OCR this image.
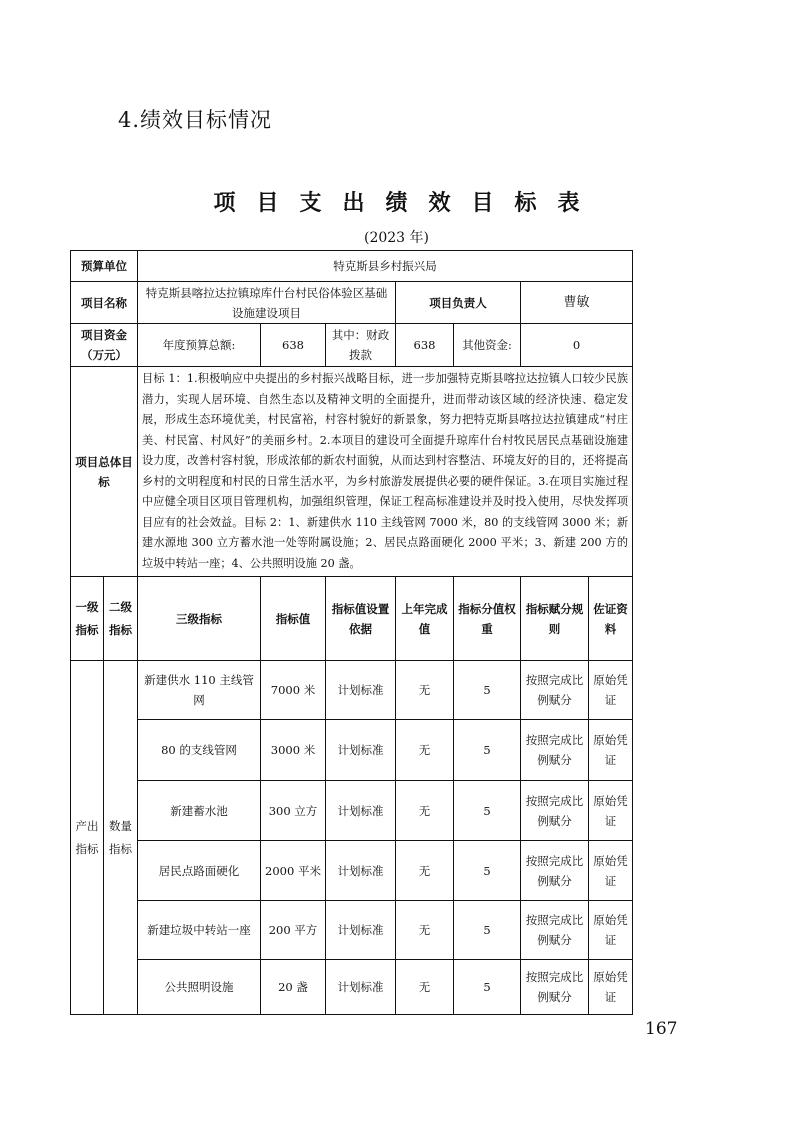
4.绩效目标情况
项目支出绩效目标表
(2023 年)
预算单位		特克斯县乡村振兴局						
项目名称		特克斯县喀拉达拉镇琼库什台村民俗体验区基础设施建设项目			项目负责人		曹敏	
项目资金（万元）		年度预算总额:	638	其中：财政拨款	638	其他资金:	0	
项目总体目标		目标 1：1.积极响应中央提出的乡村振兴战略目标，进一步加强特克斯县喀拉达拉镇人口较少民族潜力，实现人居环境、自然生态以及精神文明的全面提升，进而带动该区域的经济快速、稳定发展，形成生态环境优美，村民富裕，村容村貌好的新景象，努力把特克斯县喀拉达拉镇建成“村庄美、村民富、村风好”的美丽乡村。2.本项目的建设可全面提升琼库什台村牧民居民点基础设施建设力度，改善村容村貌，形成浓郁的新农村面貌，从而达到村容整洁、环境友好的目的，还将提高乡村的文明程度和村民的日常生活水平，为乡村旅游发展提供必要的硬件保证。3.在项目实施过程中应健全项目区项目管理机构，加强组织管理，保证工程高标准建设并及时投入使用，尽快发挥项目应有的社会效益。目标 2：1、新建供水 110 主线管网 7000 米，80 的支线管网 3000 米；新建水源地 300 立方蓄水池一处等附属设施；2、居民点路面硬化 2000 平米；3、新建 200 方的垃圾中转站一座；4、公共照明设施 20 盏。						
一级指标	二级指标	三级指标	指标值	指标值设置依据	上年完成值	指标分值权重	指标赋分规则	佐证资料
产出指标	数量指标	新建供水 110 主线管网	7000 米	计划标准	无	5	按照完成比例赋分	原始凭证
		80 的支线管网	3000 米	计划标准	无	5	按照完成比例赋分	原始凭证
		新建蓄水池	300 立方	计划标准	无	5	按照完成比例赋分	原始凭证
		居民点路面硬化	2000 平米	计划标准	无	5	按照完成比例赋分	原始凭证
		新建垃圾中转站一座	200 平方	计划标准	无	5	按照完成比例赋分	原始凭证
		公共照明设施	20 盏	计划标准	无	5	按照完成比例赋分	原始凭证
167
